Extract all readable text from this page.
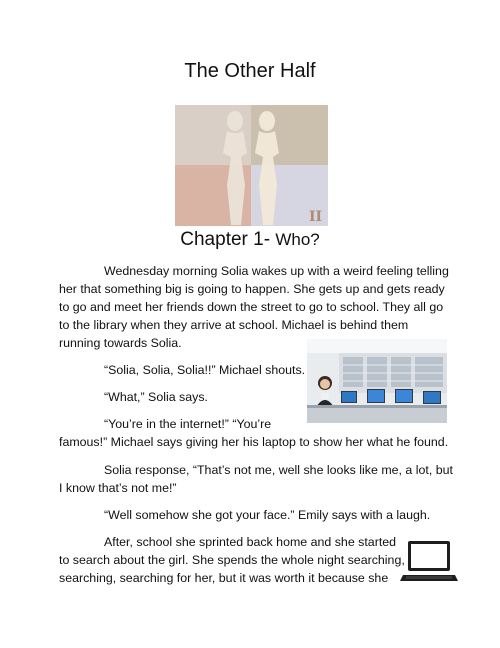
The Other Half
II
Chapter 1- Who?
Wednesday morning Solia wakes up with a weird feeling telling
her that something big is going to happen. She gets up and gets ready
to go and meet her friends down the street to go to school. They all go
to the library when they arrive at school. Michael is behind them
running towards Solia.
“Solia, Solia, Solia!!” Michael shouts.
“What,” Solia says.
“You’re in the internet!” “You’re
famous!” Michael says giving her his laptop to show her what he found.
Solia response, “That’s not me, well she looks like me, a lot, but
I know that’s not me!”
“Well somehow she got your face.” Emily says with a laugh.
After, school she sprinted back home and she started
to search about the girl. She spends the whole night searching,
searching, searching for her, but it was worth it because she
